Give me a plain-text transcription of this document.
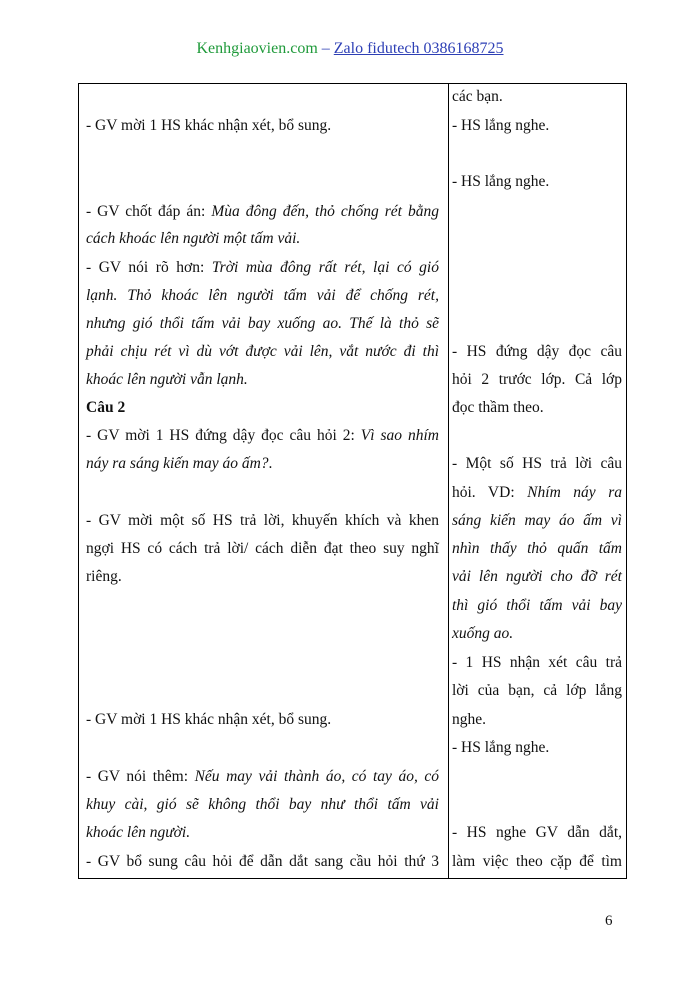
Kenhgiaovien.com – Zalo fidutech 0386168725
- GV mời 1 HS khác nhận xét, bổ sung.
- GV chốt đáp án: Mùa đông đến, thỏ chống rét bằng
cách khoác lên người một tấm vải.
- GV nói rõ hơn: Trời mùa đông rất rét, lại có gió
lạnh. Thỏ khoác lên người tấm vải để chống rét,
nhưng gió thổi tấm vải bay xuống ao. Thế là thỏ sẽ
phải chịu rét vì dù vớt được vải lên, vắt nước đi thì
khoác lên người vẫn lạnh.
Câu 2
- GV mời 1 HS đứng dậy đọc câu hỏi 2: Vì sao nhím
náy ra sáng kiến may áo ấm?.
- GV mời một số HS trả lời, khuyến khích và khen
ngợi HS có cách trả lời/ cách diễn đạt theo suy nghĩ
riêng.
- GV mời 1 HS khác nhận xét, bổ sung.
- GV nói thêm: Nếu may vải thành áo, có tay áo, có
khuy cài, gió sẽ không thổi bay như thổi tấm vải
khoác lên người.
- GV bổ sung câu hỏi để dẫn dắt sang cầu hỏi thứ 3
các bạn.
- HS lắng nghe.
- HS lắng nghe.
- HS đứng dậy đọc câu
hỏi 2 trước lớp. Cả lớp
đọc thầm theo.
- Một số HS trả lời câu
hỏi. VD: Nhím náy ra
sáng kiến may áo ấm vì
nhìn thấy thỏ quấn tấm
vải lên người cho đỡ rét
thì gió thổi tấm vải bay
xuống ao.
- 1 HS nhận xét câu trả
lời của bạn, cả lớp lắng
nghe.
- HS lắng nghe.
- HS nghe GV dẫn dắt,
làm việc theo cặp để tìm
6
